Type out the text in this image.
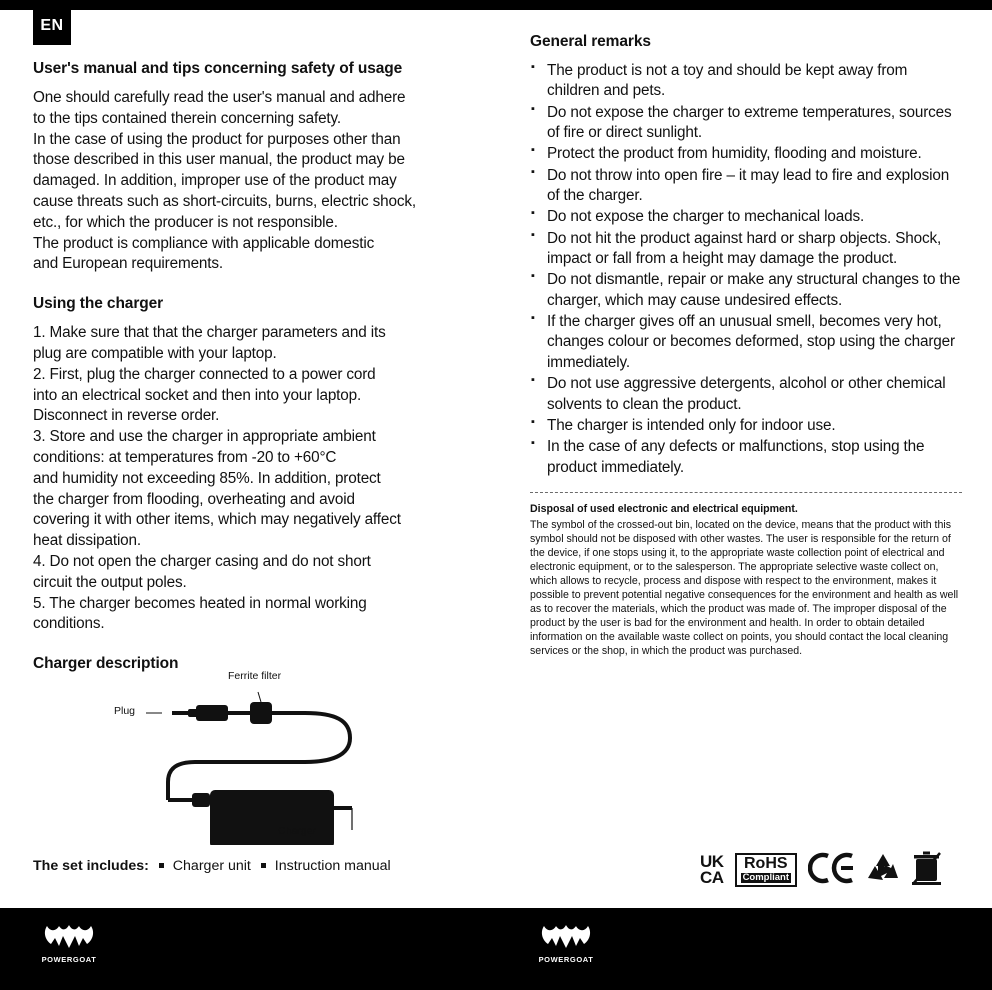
EN
User's manual and tips concerning safety of usage

One should carefully read the user's manual and adhere

to the tips contained therein concerning safety.

In the case of using the product for purposes other than

those described in this user manual, the product may be

damaged. In addition, improper use of the product may

cause threats such as short-circuits, burns, electric shock,

etc., for which the producer is not responsible.

The product is compliance with applicable domestic

and European requirements.

Using the charger

1. Make sure that that the charger parameters and its

plug are compatible with your laptop.

2. First, plug the charger connected to a power cord

into an electrical socket and then into your laptop.

Disconnect in reverse order.

3. Store and use the charger in appropriate ambient

conditions: at temperatures from -20 to +60°C

and humidity not exceeding 85%. In addition, protect

the charger from flooding, overheating and avoid

covering it with other items, which may negatively affect

heat dissipation.

4. Do not open the charger casing and do not short

circuit the output poles.

5. The charger becomes heated in normal working

conditions.

Charger description
Plug
Ferrite filter
Charger
The set includes: Charger unit Instruction manual
General remarks
▪ The product is not a toy and should be kept away from children and pets.
▪ Do not expose the charger to extreme temperatures, sources of fire or direct sunlight.
▪ Protect the product from humidity, flooding and moisture.
▪ Do not throw into open fire – it may lead to fire and explosion of the charger.
▪ Do not expose the charger to mechanical loads.
▪ Do not hit the product against hard or sharp objects. Shock, impact or fall from a height may damage the product.
▪ Do not dismantle, repair or make any structural changes to the charger, which may cause undesired effects.
▪ If the charger gives off an unusual smell, becomes very hot, changes colour or becomes deformed, stop using the charger immediately.
▪ Do not use aggressive detergents, alcohol or other chemical solvents to clean the product.
▪ The charger is intended only for indoor use.
▪ In the case of any defects or malfunctions, stop using the product immediately.

Disposal of used electronic and electrical equipment.

The symbol of the crossed-out bin, located on the device, means that the product with this symbol should not be disposed with other wastes. The user is responsible for the return of the device, if one stops using it, to the appropriate waste collection point of electrical and electronic equipment, or to the salesperson. The appropriate selective waste collect on, which allows to recycle, process and dispose with respect to the environment, makes it possible to prevent potential negative consequences for the environment and health as well as to recover the materials, which the product was made of. The improper disposal of the product by the user is bad for the environment and health. In order to obtain detailed information on the available waste collect on points, you should contact the local cleaning services or the shop, in which the product was purchased.

UK
CA
RoHS
Compliant
POWERGOAT	POWERGOAT
